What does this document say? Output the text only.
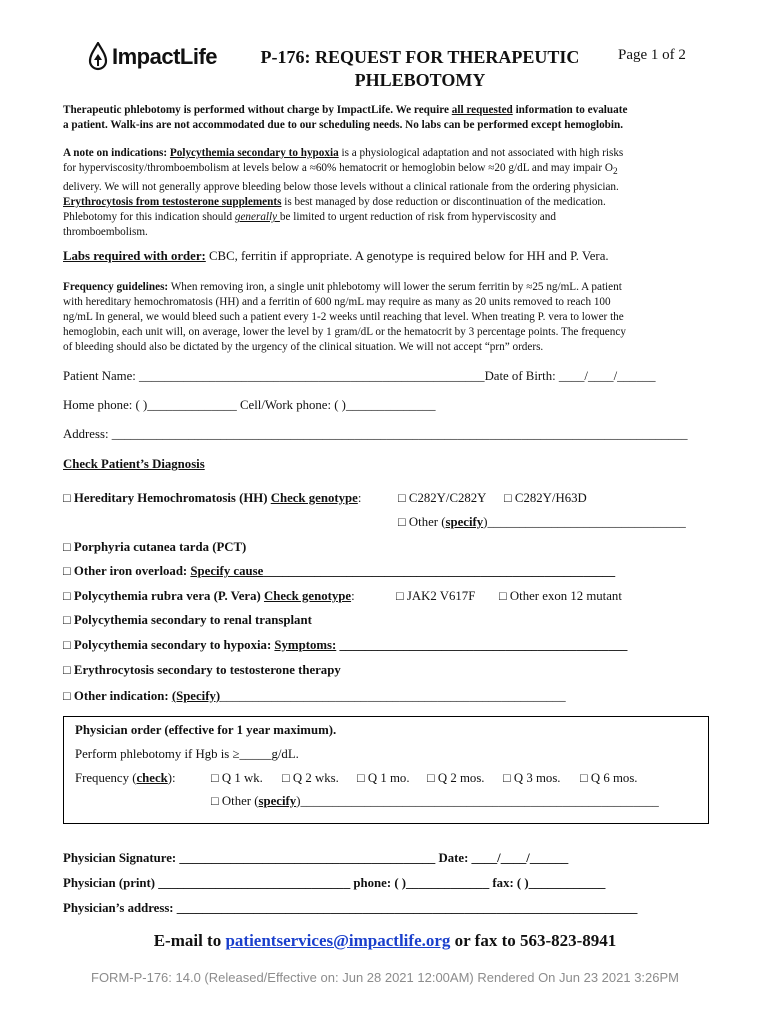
ImpactLife	P-176: REQUEST FOR THERAPEUTIC
PHLEBOTOMY
Page 1 of 2
Therapeutic phlebotomy is performed without charge by ImpactLife. We require all requested information to evaluate
a patient. Walk-ins are not accommodated due to our scheduling needs. No labs can be performed except hemoglobin.
A note on indications: Polycythemia secondary to hypoxia is a physiological adaptation and not associated with high risks
for hyperviscosity/thromboembolism at levels below a ≈60% hematocrit or hemoglobin below ≈20 g/dL and may impair $O_2$
delivery. We will not generally approve bleeding below those levels without a clinical rationale from the ordering physician.
Erythrocytosis from testosterone supplements is best managed by dose reduction or discontinuation of the medication.
Phlebotomy for this indication should generally be limited to urgent reduction of risk from hyperviscosity and
thromboembolism.
Labs required with order: CBC, ferritin if appropriate. A genotype is required below for HH and P. Vera.
Frequency guidelines: When removing iron, a single unit phlebotomy will lower the serum ferritin by ≈25 ng/mL. A patient
with hereditary hemochromatosis (HH) and a ferritin of 600 ng/mL may require as many as 20 units removed to reach 100
ng/mL In general, we would bleed such a patient every 1-2 weeks until reaching that level. When treating P. vera to lower the
hemoglobin, each unit will, on average, lower the level by 1 gram/dL or the hematocrit by 3 percentage points. The frequency
of bleeding should also be dictated by the urgency of the clinical situation. We will not accept “prn” orders.
Patient Name: ______________________________________________________Date of Birth: ____/____/______
Home phone: ( )______________ Cell/Work phone: ( )______________
Address: __________________________________________________________________________________________
Check Patient’s Diagnosis
□ Hereditary Hemochromatosis (HH) Check genotype:	□ C282Y/C282Y □ C282Y/H63D
□ Other (specify)_______________________________
□ Porphyria cutanea tarda (PCT)
□ Other iron overload: Specify cause_______________________________________________________
□ Polycythemia rubra vera (P. Vera) Check genotype:	□ JAK2 V617F □ Other exon 12 mutant
□ Polycythemia secondary to renal transplant
□ Polycythemia secondary to hypoxia: Symptoms: _____________________________________________
□ Erythrocytosis secondary to testosterone therapy
□ Other indication: (Specify)______________________________________________________
Physician order (effective for 1 year maximum).
Perform phlebotomy if Hgb is ≥_____g/dL.
Frequency (check):	□ Q 1 wk. □ Q 2 wks. □ Q 1 mo. □ Q 2 mos. □ Q 3 mos. □ Q 6 mos.
□ Other (specify)________________________________________________________
Physician Signature: ________________________________________ Date: ____/____/______
Physician (print) ______________________________ phone: ( )_____________ fax: ( )____________
Physician’s address: ________________________________________________________________________
E-mail to patientservices@impactlife.org or fax to 563-823-8941
FORM-P-176: 14.0 (Released/Effective on: Jun 28 2021 12:00AM) Rendered On Jun 23 2021 3:26PM
